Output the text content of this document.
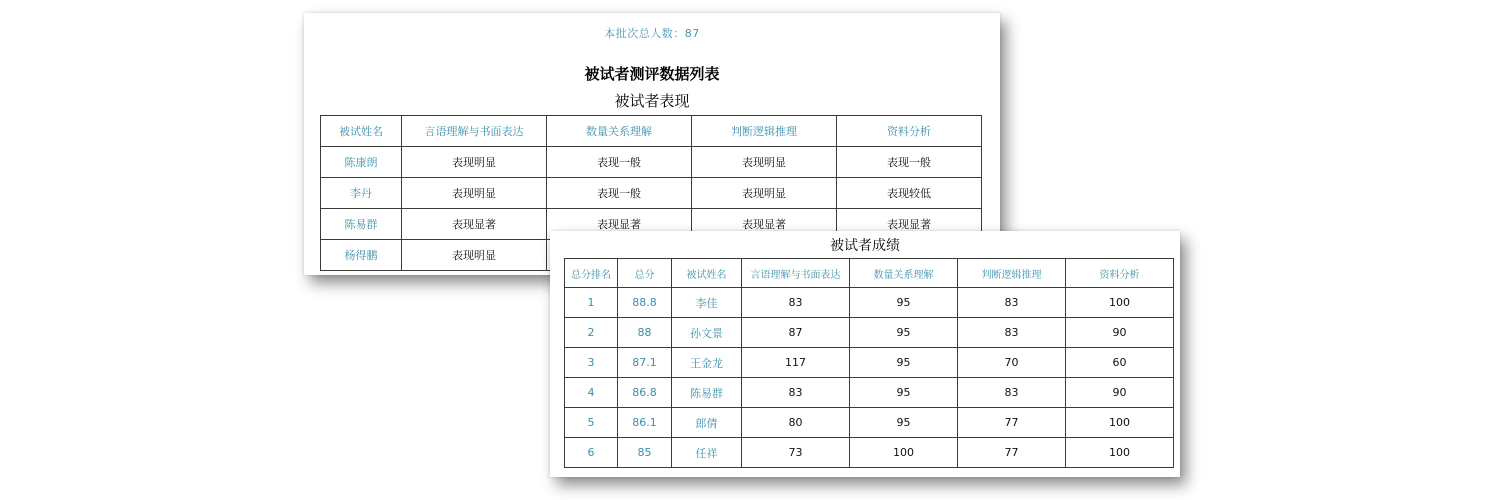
本批次总人数：87
被试者测评数据列表
被试者表现
被试姓名	言语理解与书面表达	数量关系理解	判断逻辑推理	资料分析
陈康朗	表现明显	表现一般	表现明显	表现一般
李丹	表现明显	表现一般	表现明显	表现较低
陈易群	表现显著	表现显著	表现显著	表现显著
杨得鹏	表现明显			
被试者成绩
总分排名	总分	被试姓名	言语理解与书面表达	数量关系理解	判断逻辑推理	资料分析
1	88.8	李佳	83	95	83	100
2	88	孙文景	87	95	83	90
3	87.1	王金龙	117	95	70	60
4	86.8	陈易群	83	95	83	90
5	86.1	郎倩	80	95	77	100
6	85	任祥	73	100	77	100
